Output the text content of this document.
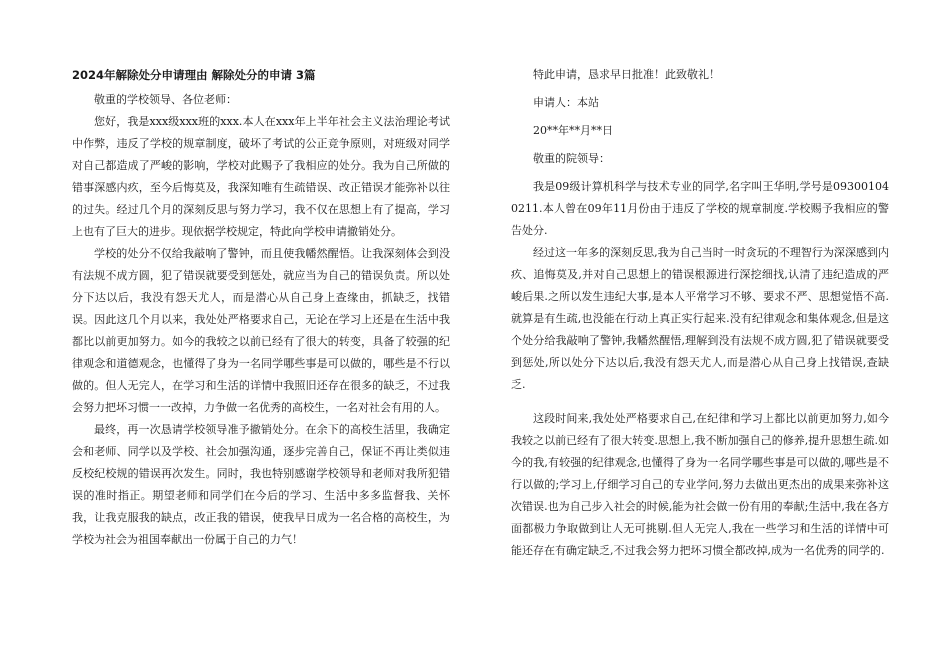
2024年解除处分申请理由 解除处分的申请 3篇

敬重的学校领导、各位老师：

您好，我是xxx级xxx班的xxx.本人在xxx年上半年社会主义法治理论考试中作弊，违反了学校的规章制度，破坏了考试的公正竞争原则，对班级对同学对自己都造成了严峻的影响，学校对此赐予了我相应的处分。我为自己所做的错事深感内疚，至今后悔莫及，我深知唯有生疏错误、改正错误才能弥补以往的过失。经过几个月的深刻反思与努力学习，我不仅在思想上有了提高，学习上也有了巨大的进步。现依据学校规定，特此向学校申请撤销处分。

学校的处分不仅给我敲响了警钟，而且使我幡然醒悟。让我深刻体会到没有法规不成方圆，犯了错误就要受到惩处，就应当为自己的错误负责。所以处分下达以后，我没有怨天尤人，而是潜心从自己身上查缘由，抓缺乏，找错误。因此这几个月以来，我处处严格要求自己，无论在学习上还是在生活中我都比以前更加努力。如今的我较之以前已经有了很大的转变，具备了较强的纪律观念和道德观念，也懂得了身为一名同学哪些事是可以做的，哪些是不行以做的。但人无完人，在学习和生活的详情中我照旧还存在很多的缺乏，不过我会努力把坏习惯一一改掉，力争做一名优秀的高校生，一名对社会有用的人。

最终，再一次恳请学校领导准予撤销处分。在余下的高校生活里，我确定会和老师、同学以及学校、社会加强沟通，逐步完善自己，保证不再让类似违反校纪校规的错误再次发生。同时，我也特别感谢学校领导和老师对我所犯错误的准时指正。期望老师和同学们在今后的学习、生活中多多监督我、关怀我，让我克服我的缺点，改正我的错误，使我早日成为一名合格的高校生，为学校为社会为祖国奉献出一份属于自己的力气！

特此申请，恳求早日批准！此致敬礼！

申请人：本站

20**年**月**日

敬重的院领导：

我是09级计算机科学与技术专业的同学,名字叫王华明,学号是093001040211.本人曾在09年11月份由于违反了学校的规章制度.学校赐予我相应的警告处分.

经过这一年多的深刻反思,我为自己当时一时贪玩的不理智行为深深感到内疚、追悔莫及,并对自己思想上的错误根源进行深挖细找,认清了违纪造成的严峻后果.之所以发生违纪大事,是本人平常学习不够、要求不严、思想觉悟不高.就算是有生疏,也没能在行动上真正实行起来.没有纪律观念和集体观念,但是这个处分给我敲响了警钟,我幡然醒悟,理解到没有法规不成方圆,犯了错误就要受到惩处,所以处分下达以后,我没有怨天尤人,而是潜心从自己身上找错误,查缺乏.

这段时间来,我处处严格要求自己,在纪律和学习上都比以前更加努力,如今我较之以前已经有了很大转变.思想上,我不断加强自己的修养,提升思想生疏.如今的我,有较强的纪律观念,也懂得了身为一名同学哪些事是可以做的,哪些是不行以做的;学习上,仔细学习自己的专业学问,努力去做出更杰出的成果来弥补这次错误.也为自己步入社会的时候,能为社会做一份有用的奉献;生活中,我在各方面都极力争取做到让人无可挑剔.但人无完人,我在一些学习和生活的详情中可能还存在有确定缺乏,不过我会努力把坏习惯全都改掉,成为一名优秀的同学的.
